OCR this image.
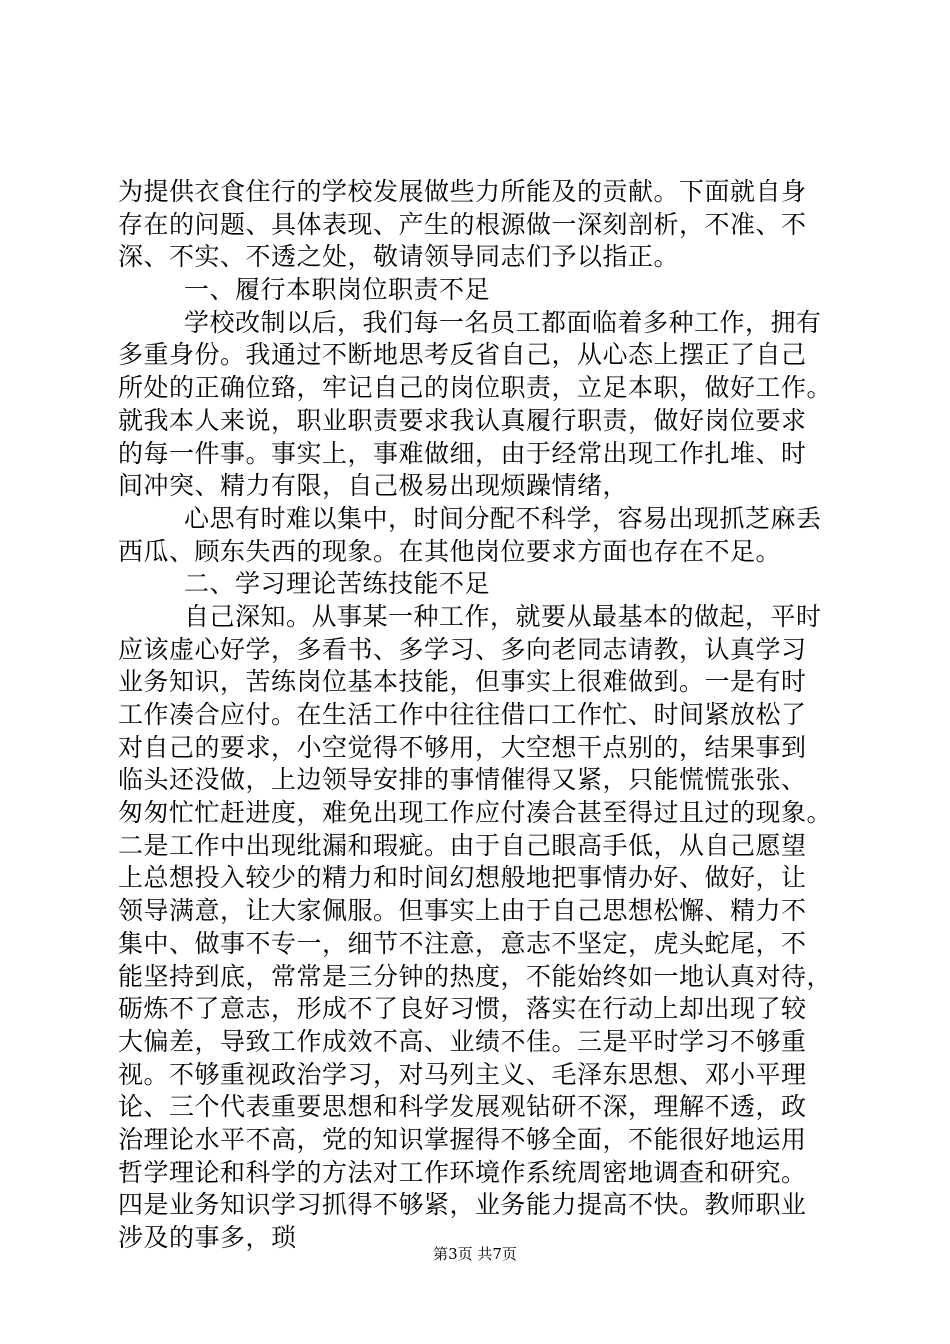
为提供衣食住行的学校发展做些力所能及的贡献。下面就自身
存在的问题、具体表现、产生的根源做一深刻剖析，不准、不
深、不实、不透之处，敬请领导同志们予以指正。
一、履行本职岗位职责不足
学校改制以后，我们每一名员工都面临着多种工作，拥有
多重身份。我通过不断地思考反省自己，从心态上摆正了自己
所处的正确位臵，牢记自己的岗位职责，立足本职，做好工作。
就我本人来说，职业职责要求我认真履行职责，做好岗位要求
的每一件事。事实上，事难做细，由于经常出现工作扎堆、时
间冲突、精力有限，自己极易出现烦躁情绪，
心思有时难以集中，时间分配不科学，容易出现抓芝麻丢
西瓜、顾东失西的现象。在其他岗位要求方面也存在不足。
二、学习理论苦练技能不足
自己深知。从事某一种工作，就要从最基本的做起，平时
应该虚心好学，多看书、多学习、多向老同志请教，认真学习
业务知识，苦练岗位基本技能，但事实上很难做到。一是有时
工作凑合应付。在生活工作中往往借口工作忙、时间紧放松了
对自己的要求，小空觉得不够用，大空想干点别的，结果事到
临头还没做，上边领导安排的事情催得又紧，只能慌慌张张、
匆匆忙忙赶进度，难免出现工作应付凑合甚至得过且过的现象。
二是工作中出现纰漏和瑕疵。由于自己眼高手低，从自己愿望
上总想投入较少的精力和时间幻想般地把事情办好、做好，让
领导满意，让大家佩服。但事实上由于自己思想松懈、精力不
集中、做事不专一，细节不注意，意志不坚定，虎头蛇尾，不
能坚持到底，常常是三分钟的热度，不能始终如一地认真对待，
砺炼不了意志，形成不了良好习惯，落实在行动上却出现了较
大偏差，导致工作成效不高、业绩不佳。三是平时学习不够重
视。不够重视政治学习，对马列主义、毛泽东思想、邓小平理
论、三个代表重要思想和科学发展观钻研不深，理解不透，政
治理论水平不高，党的知识掌握得不够全面，不能很好地运用
哲学理论和科学的方法对工作环境作系统周密地调查和研究。
四是业务知识学习抓得不够紧，业务能力提高不快。教师职业
涉及的事多，琐
第3页 共7页
